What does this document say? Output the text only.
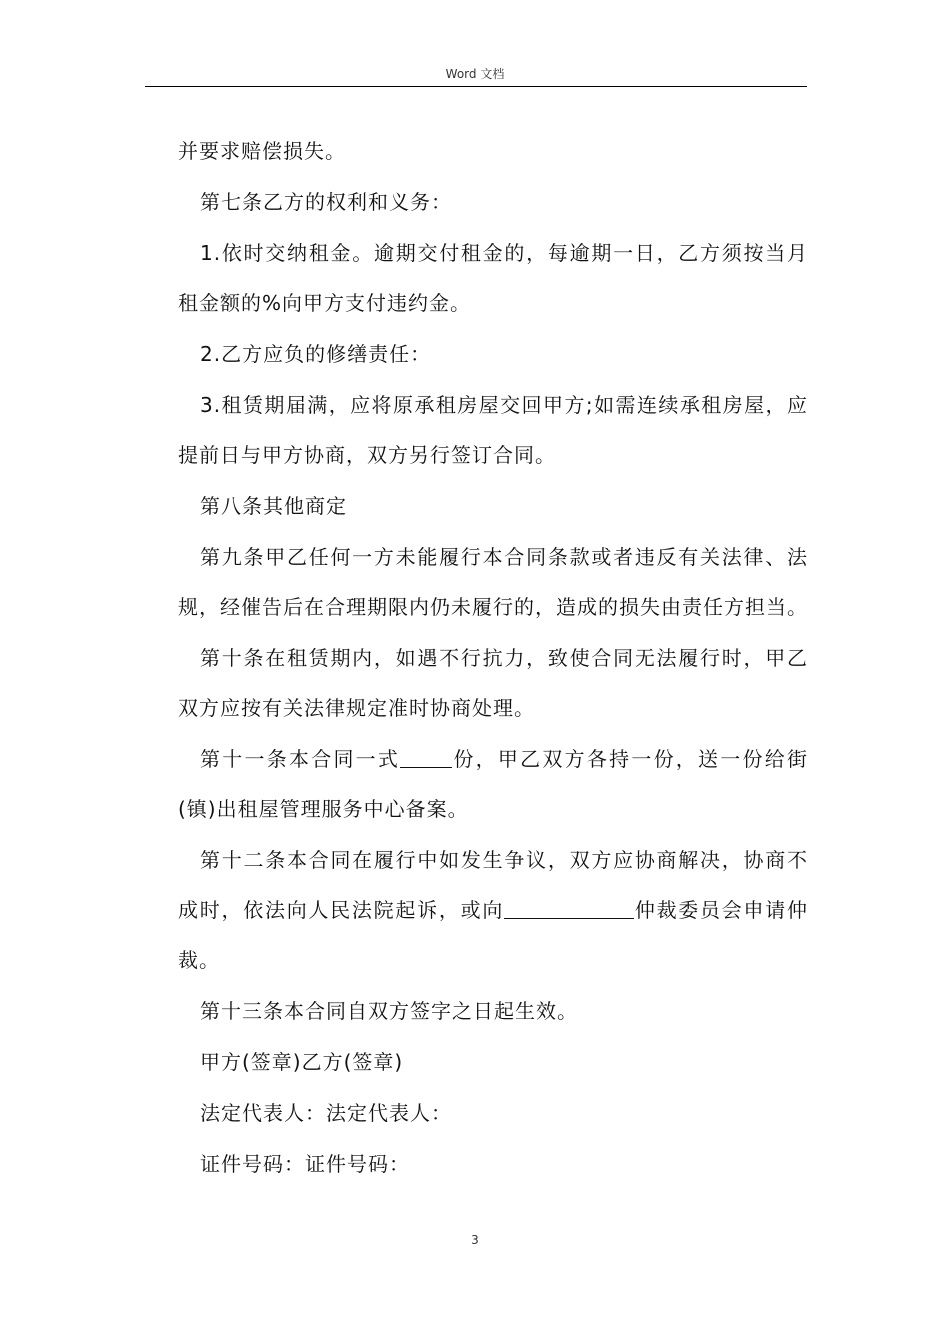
Word 文档

并要求赔偿损失。

第七条乙方的权利和义务：

1.依时交纳租金。逾期交付租金的，每逾期一日，乙方须按当月租金额的%向甲方支付违约金。

2.乙方应负的修缮责任：

3.租赁期届满，应将原承租房屋交回甲方;如需连续承租房屋，应提前日与甲方协商，双方另行签订合同。

第八条其他商定

第九条甲乙任何一方未能履行本合同条款或者违反有关法律、法规，经催告后在合理期限内仍未履行的，造成的损失由责任方担当。

第十条在租赁期内，如遇不行抗力，致使合同无法履行时，甲乙双方应按有关法律规定准时协商处理。

第十一条本合同一式	份，甲乙双方各持一份，送一份给街(镇)出租屋管理服务中心备案。

第十二条本合同在履行中如发生争议，双方应协商解决，协商不成时，依法向人民法院起诉，或向	仲裁委员会申请仲裁。

第十三条本合同自双方签字之日起生效。

甲方(签章)乙方(签章)

法定代表人：法定代表人：

证件号码：证件号码：

3
